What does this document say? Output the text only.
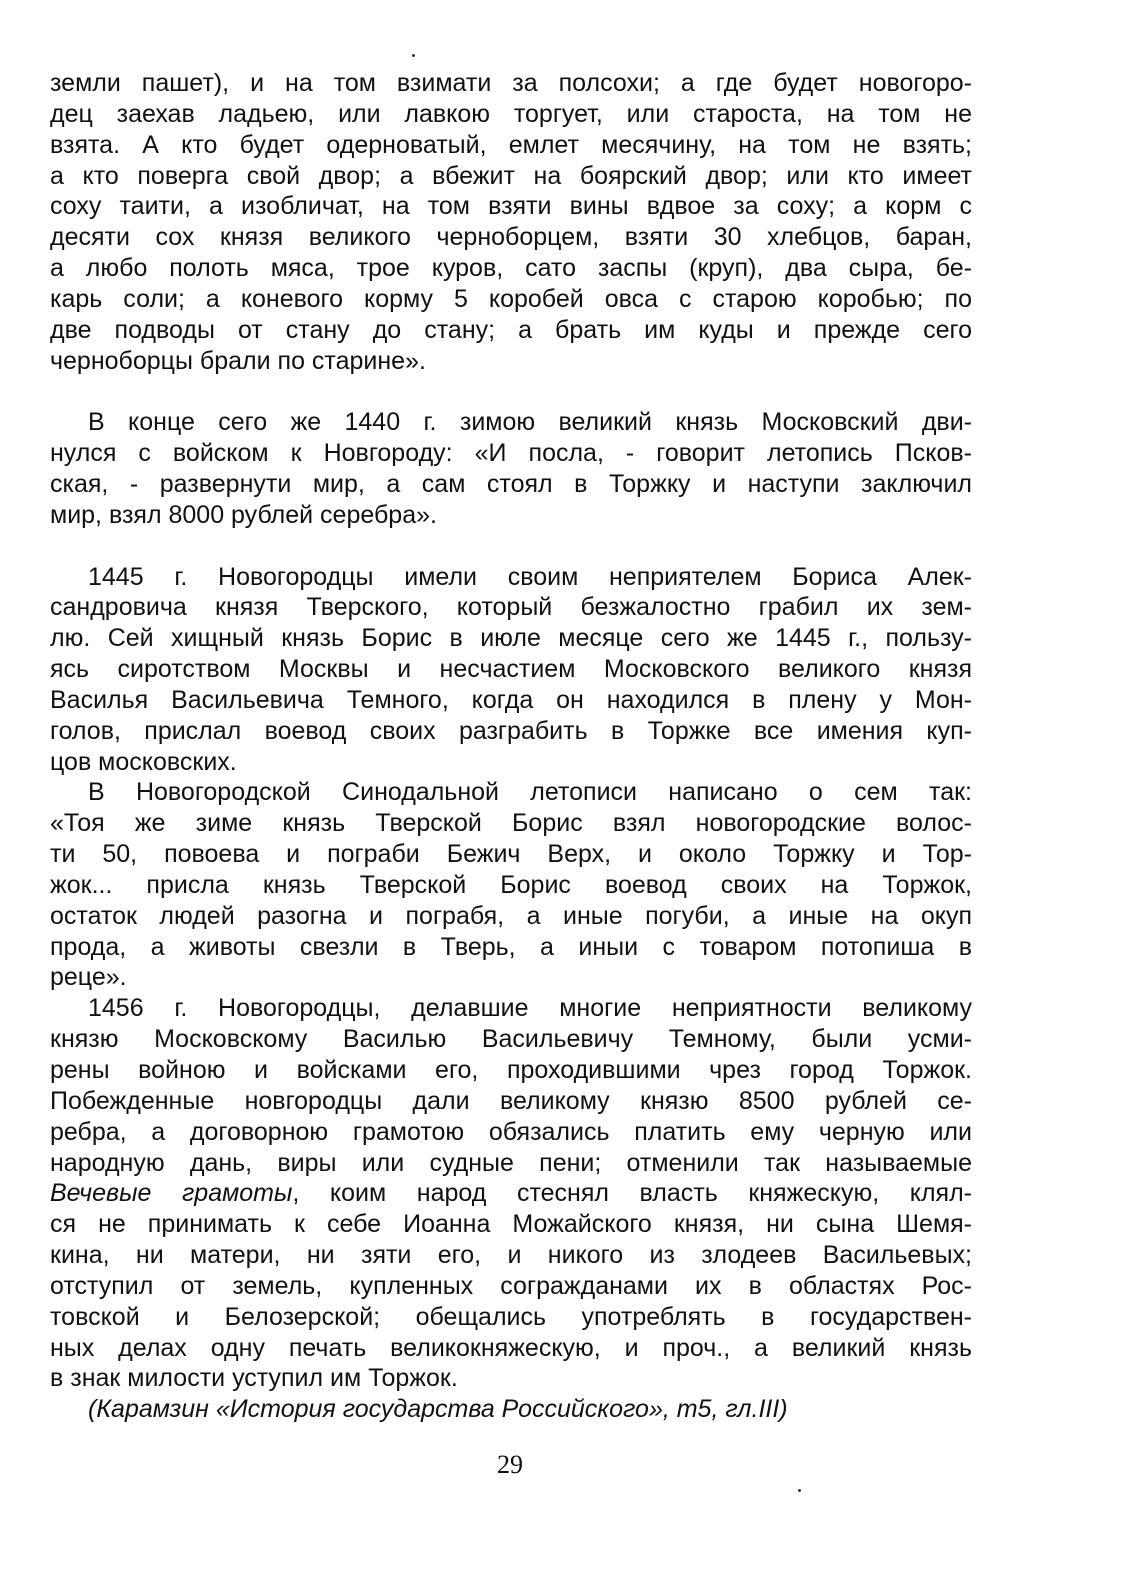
земли пашет), и на том взимати за полсохи; а где будет новогоро-
дец заехав ладьею, или лавкою торгует, или староста, на том не
взята. А кто будет одерноватый, емлет месячину, на том не взять;
а кто поверга свой двор; а вбежит на боярский двор; или кто имеет
соху таити, а изобличат, на том взяти вины вдвое за соху; а корм с
десяти сох князя великого черноборцем, взяти 30 хлебцов, баран,
а любо полоть мяса, трое куров, сато заспы (круп), два сыра, бе-
карь соли; а коневого корму 5 коробей овса с старою коробью; по
две подводы от стану до стану; а брать им куды и прежде сего
черноборцы брали по старине».
В конце сего же 1440 г. зимою великий князь Московский дви-
нулся с войском к Новгороду: «И посла, - говорит летопись Псков-
ская, - развернути мир, а сам стоял в Торжку и наступи заключил
мир, взял 8000 рублей серебра».
1445 г. Новогородцы имели своим неприятелем Бориса Алек-
сандровича князя Тверского, который безжалостно грабил их зем-
лю. Сей хищный князь Борис в июле месяце сего же 1445 г., пользу-
ясь сиротством Москвы и несчастием Московского великого князя
Василья Васильевича Темного, когда он находился в плену у Мон-
голов, прислал воевод своих разграбить в Торжке все имения куп-
цов московских.
В Новогородской Синодальной летописи написано о сем так:
«Тоя же зиме князь Тверской Борис взял новогородские волос-
ти 50, повоева и пограби Бежич Верх, и около Торжку и Тор-
жок... присла князь Тверской Борис воевод своих на Торжок,
остаток людей разогна и пограбя, а иные погуби, а иные на окуп
прода, а животы свезли в Тверь, а иныи с товаром потопиша в
реце».
1456 г. Новогородцы, делавшие многие неприятности великому
князю Московскому Василью Васильевичу Темному, были усми-
рены войною и войсками его, проходившими чрез город Торжок.
Побежденные новгородцы дали великому князю 8500 рублей се-
ребра, а договорною грамотою обязались платить ему черную или
народную дань, виры или судные пени; отменили так называемые
Вечевые грамоты, коим народ стеснял власть княжескую, клял-
ся не принимать к себе Иоанна Можайского князя, ни сына Шемя-
кина, ни матери, ни зяти его, и никого из злодеев Васильевых;
отступил от земель, купленных согражданами их в областях Рос-
товской и Белозерской; обещались употреблять в государствен-
ных делах одну печать великокняжескую, и проч., а великий князь
в знак милости уступил им Торжок.
(Карамзин «История государства Российского», т5, гл.III)
29
